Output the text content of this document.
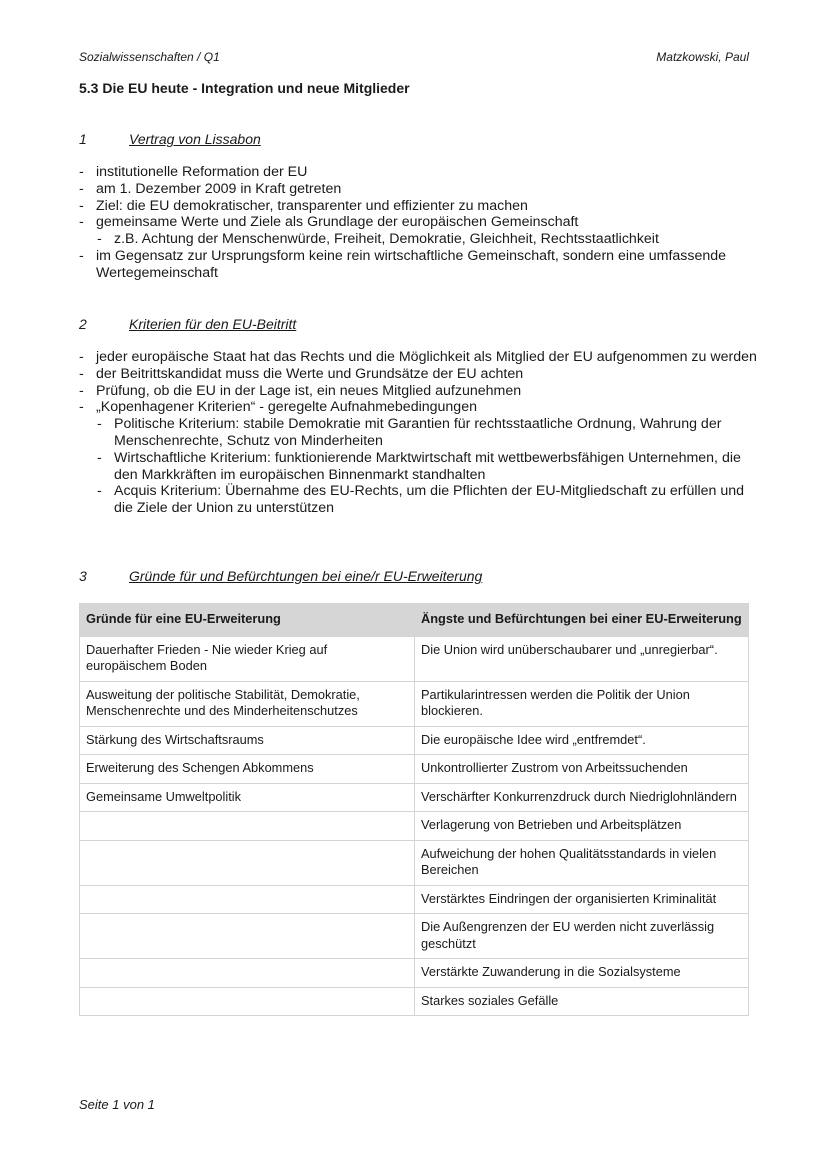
Sozialwissenschaften / Q1	Matzkowski, Paul
5.3 Die EU heute - Integration und neue Mitglieder
1	Vertrag von Lissabon
- institutionelle Reformation der EU
- am 1. Dezember 2009 in Kraft getreten
- Ziel: die EU demokratischer, transparenter und effizienter zu machen
- gemeinsame Werte und Ziele als Grundlage der europäischen Gemeinschaft
- z.B. Achtung der Menschenwürde, Freiheit, Demokratie, Gleichheit, Rechtsstaatlichkeit
- im Gegensatz zur Ursprungsform keine rein wirtschaftliche Gemeinschaft, sondern eine umfassende Wertegemeinschaft
2	Kriterien für den EU-Beitritt
- jeder europäische Staat hat das Rechts und die Möglichkeit als Mitglied der EU aufgenommen zu werden
- der Beitrittskandidat muss die Werte und Grundsätze der EU achten
- Prüfung, ob die EU in der Lage ist, ein neues Mitglied aufzunehmen
- „Kopenhagener Kriterien“ - geregelte Aufnahmebedingungen
- Politische Kriterium: stabile Demokratie mit Garantien für rechtsstaatliche Ordnung, Wahrung der Menschenrechte, Schutz von Minderheiten
- Wirtschaftliche Kriterium: funktionierende Marktwirtschaft mit wettbewerbsfähigen Unternehmen, die den Markkräften im europäischen Binnenmarkt standhalten
- Acquis Kriterium: Übernahme des EU-Rechts, um die Pflichten der EU-Mitgliedschaft zu erfüllen und die Ziele der Union zu unterstützen
3	Gründe für und Befürchtungen bei eine/r EU-Erweiterung
Gründe für eine EU-Erweiterung	Ängste und Befürchtungen bei einer EU-Erweiterung
Dauerhafter Frieden - Nie wieder Krieg auf europäischem Boden	Die Union wird unüberschaubarer und „unregierbar“.
Ausweitung der politische Stabilität, Demokratie, Menschenrechte und des Minderheitenschutzes	Partikularintressen werden die Politik der Union blockieren.
Stärkung des Wirtschaftsraums	Die europäische Idee wird „entfremdet“.
Erweiterung des Schengen Abkommens	Unkontrollierter Zustrom von Arbeitssuchenden
Gemeinsame Umweltpolitik	Verschärfter Konkurrenzdruck durch Niedriglohnländern
	Verlagerung von Betrieben und Arbeitsplätzen
	Aufweichung der hohen Qualitätsstandards in vielen Bereichen
	Verstärktes Eindringen der organisierten Kriminalität
	Die Außengrenzen der EU werden nicht zuverlässig geschützt
	Verstärkte Zuwanderung in die Sozialsysteme
	Starkes soziales Gefälle
Seite 1 von 1
